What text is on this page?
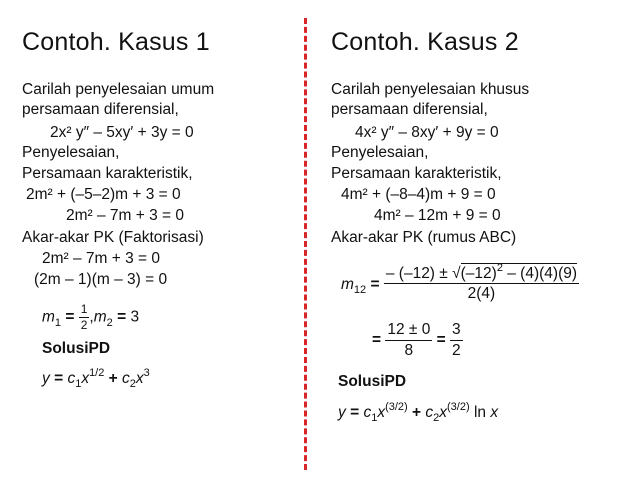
Contoh. Kasus 1
Carilah penyelesaian umum
persamaan diferensial,
2x² y″ – 5xy′ + 3y = 0
Penyelesaian,
Persamaan karakteristik,
2m² + (–5–2)m + 3 = 0
2m² – 7m + 3 = 0
Akar-akar PK (Faktorisasi)
2m² – 7m + 3 = 0
(2m – 1)(m – 3) = 0
$m_1 = \frac{1}{2} ,m_2 = 3$
SolusiPD
$y = c_1x^{1/2} + c_2x^3$
Contoh. Kasus 2
Carilah penyelesaian khusus
persamaan diferensial,
4x² y″ – 8xy′ + 9y = 0
Penyelesaian,
Persamaan karakteristik,
4m² + (–8–4)m + 9 = 0
4m² – 12m + 9 = 0
Akar-akar PK (rumus ABC)
$m_{12} = \frac{- (-12) \pm √(-12)^2 - (4)(4)(9)}{2(4)}$
= $\frac{12 \pm 0}{8} = \frac{3}{2}$
SolusiPD
$y = c_1x^{(3/2)} + c_2x^{(3/2)}$ ln x
